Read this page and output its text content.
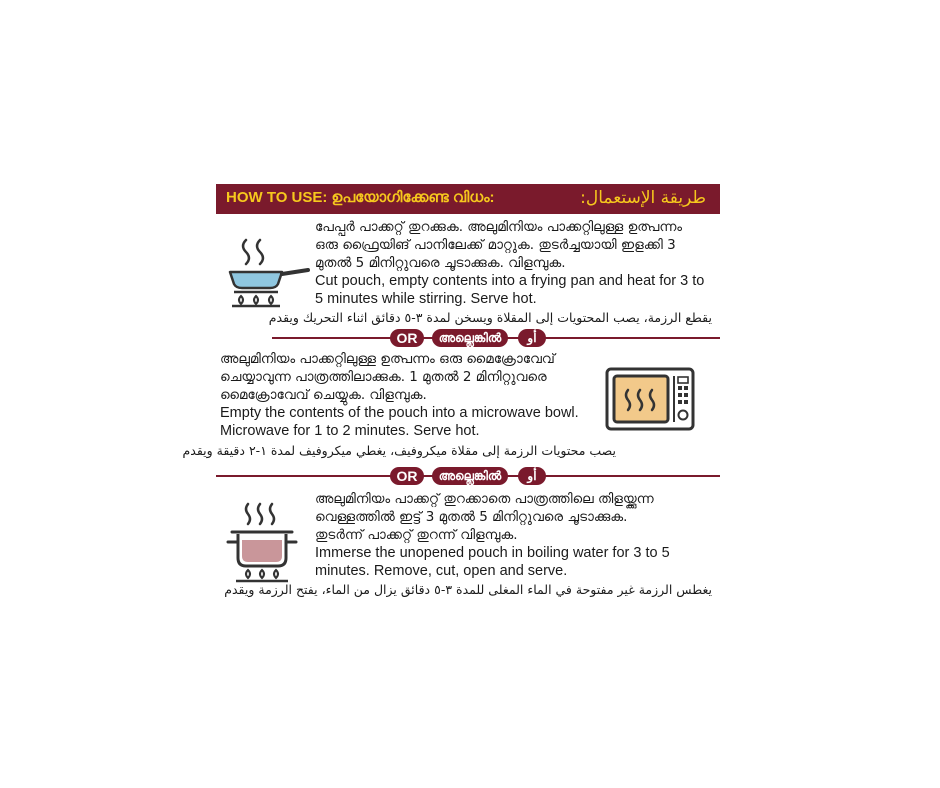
HOW TO USE: ഉപയോഗിക്കേണ്ട വിധം:	طريقة الإستعمال:
പേപ്പർ പാക്കറ്റ് തുറക്കുക. അലുമിനിയം പാക്കറ്റിലുള്ള ഉത്പന്നം
ഒരു ഫ്രൈയിങ് പാനിലേക്ക് മാറ്റുക. തുടർച്ചയായി ഇളക്കി 3
മുതൽ 5 മിനിറ്റുവരെ ചൂടാക്കുക. വിളമ്പുക.
Cut pouch, empty contents into a frying pan and heat for 3 to
5 minutes while stirring. Serve hot.
يقطع الرزمة، يصب المحتويات إلى المقلاة ويسخن لمدة ٣-٥ دقائق اثناء التحريك ويقدم
OR	അല്ലെങ്കിൽ	أو
അലുമിനിയം പാക്കറ്റിലുള്ള ഉത്പന്നം ഒരു മൈക്രോവേവ്
ചെയ്യാവുന്ന പാത്രത്തിലാക്കുക. 1 മുതൽ 2 മിനിറ്റുവരെ
മൈക്രോവേവ് ചെയ്യുക. വിളമ്പുക.
Empty the contents of the pouch into a microwave bowl.
Microwave for 1 to 2 minutes. Serve hot.
يصب محتويات الرزمة إلى مقلاة ميكروفيف، يغطي ميكروفيف لمدة ١-٢ دقيقة ويقدم
OR	അല്ലെങ്കിൽ	أو
അലുമിനിയം പാക്കറ്റ് തുറക്കാതെ പാത്രത്തിലെ തിളയ്ക്കുന്ന
വെള്ളത്തിൽ ഇട്ട് 3 മുതൽ 5 മിനിറ്റുവരെ ചൂടാക്കുക.
തുടർന്ന് പാക്കറ്റ് തുറന്ന് വിളമ്പുക.
Immerse the unopened pouch in boiling water for 3 to 5
minutes. Remove, cut, open and serve.
يغطس الرزمة غير مفتوحة في الماء المغلى للمدة ٣-٥ دقائق يزال من الماء، يفتح الرزمة ويقدم
